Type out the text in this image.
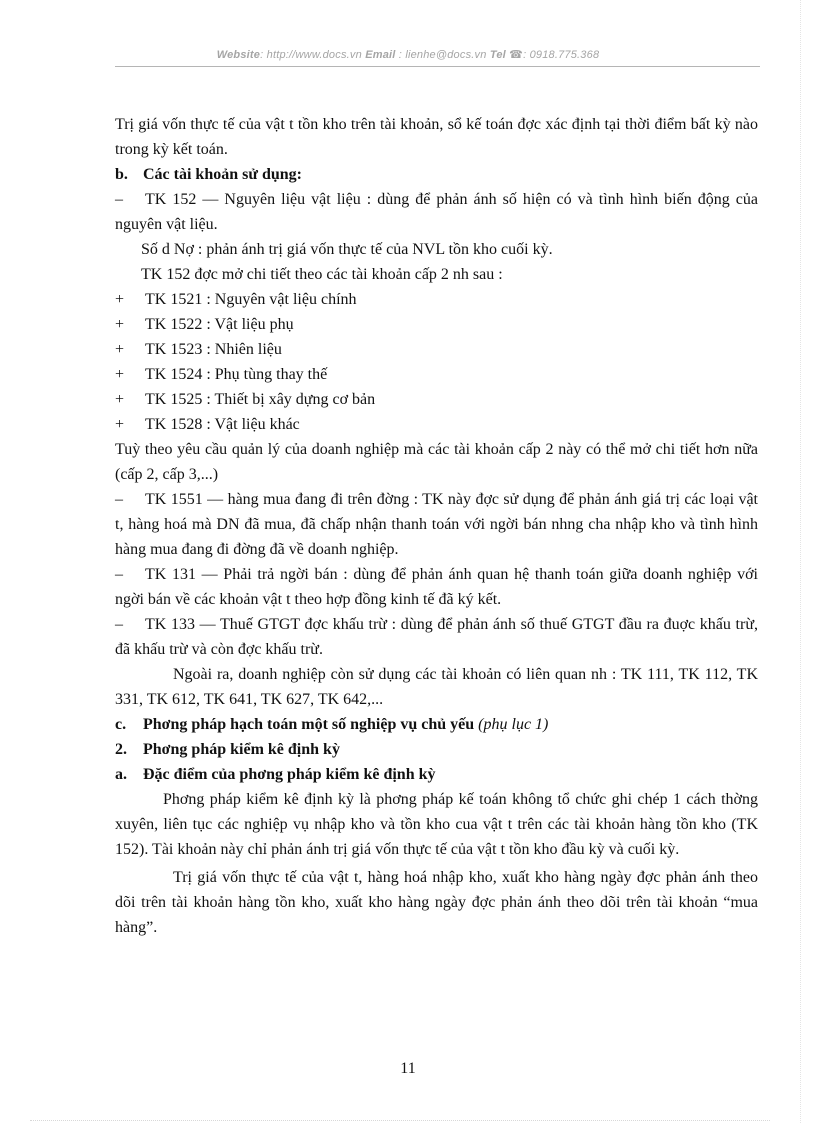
Website: http://www.docs.vn Email : lienhe@docs.vn Tel ☎: 0918.775.368

Trị giá vốn thực tế của vật t tồn kho trên tài khoản, sổ kế toán đợc xác định tại thời điểm bất kỳ nào trong kỳ kết toán.

b. Các tài khoản sử dụng:

– TK 152 — Nguyên liệu vật liệu : dùng để phản ánh số hiện có và tình hình biến động của nguyên vật liệu.

Số d Nợ : phản ánh trị giá vốn thực tế của NVL tồn kho cuối kỳ.

TK 152 đợc mở chi tiết theo các tài khoản cấp 2 nh sau :

+ TK 1521 : Nguyên vật liệu chính

+ TK 1522 : Vật liệu phụ

+ TK 1523 : Nhiên liệu

+ TK 1524 : Phụ tùng thay thế

+ TK 1525 : Thiết bị xây dựng cơ bản

+ TK 1528 : Vật liệu khác

Tuỳ theo yêu cầu quản lý của doanh nghiệp mà các tài khoản cấp 2 này có thể mở chi tiết hơn nữa (cấp 2, cấp 3,...)

– TK 1551 — hàng mua đang đi trên đờng : TK này đợc sử dụng để phản ánh giá trị các loại vật t, hàng hoá mà DN đã mua, đã chấp nhận thanh toán với ngời bán nhng cha nhập kho và tình hình hàng mua đang đi đờng đã về doanh nghiệp.

– TK 131 — Phải trả ngời bán : dùng để phản ánh quan hệ thanh toán giữa doanh nghiệp với ngời bán về các khoản vật t theo hợp đồng kinh tế đã ký kết.

– TK 133 — Thuế GTGT đợc khấu trừ : dùng để phản ánh số thuế GTGT đầu ra đuợc khấu trừ, đã khấu trừ và còn đợc khấu trừ.

Ngoài ra, doanh nghiệp còn sử dụng các tài khoản có liên quan nh : TK 111, TK 112, TK 331, TK 612, TK 641, TK 627, TK 642,...

c. Phơng pháp hạch toán một số nghiệp vụ chủ yếu (phụ lục 1)

2. Phơng pháp kiểm kê định kỳ

a. Đặc điểm của phơng pháp kiểm kê định kỳ

Phơng pháp kiểm kê định kỳ là phơng pháp kế toán không tổ chức ghi chép 1 cách thờng xuyên, liên tục các nghiệp vụ nhập kho và tồn kho cua vật t trên các tài khoản hàng tồn kho (TK 152). Tài khoản này chỉ phản ánh trị giá vốn thực tế của vật t tồn kho đầu kỳ và cuối kỳ.

Trị giá vốn thực tế của vật t, hàng hoá nhập kho, xuất kho hàng ngày đợc phản ánh theo dõi trên tài khoản hàng tồn kho, xuất kho hàng ngày đợc phản ánh theo dõi trên tài khoản “mua hàng”.

11
